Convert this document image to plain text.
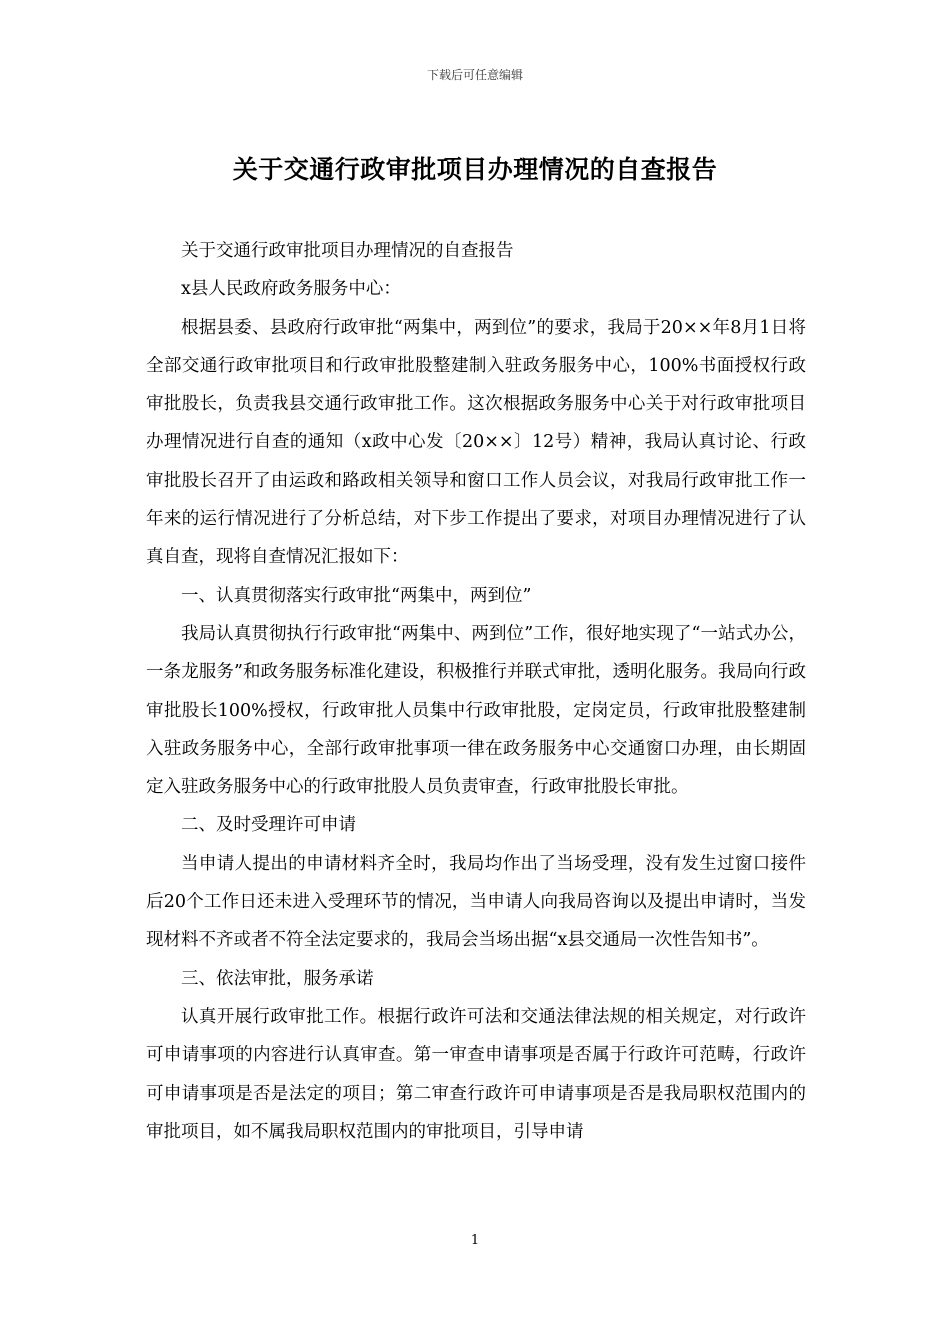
下载后可任意编辑
关于交通行政审批项目办理情况的自查报告

关于交通行政审批项目办理情况的自查报告

x县人民政府政务服务中心：

根据县委、县政府行政审批“两集中，两到位”的要求，我局于20××年8月1日将全部交通行政审批项目和行政审批股整建制入驻政务服务中心，100%书面授权行政审批股长，负责我县交通行政审批工作。这次根据政务服务中心关于对行政审批项目办理情况进行自查的通知（x政中心发〔20××〕12号）精神，我局认真讨论、行政审批股长召开了由运政和路政相关领导和窗口工作人员会议，对我局行政审批工作一年来的运行情况进行了分析总结，对下步工作提出了要求，对项目办理情况进行了认真自查，现将自查情况汇报如下：

一、认真贯彻落实行政审批“两集中，两到位”

我局认真贯彻执行行政审批“两集中、两到位”工作，很好地实现了“一站式办公，一条龙服务”和政务服务标准化建设，积极推行并联式审批，透明化服务。我局向行政审批股长100%授权，行政审批人员集中行政审批股，定岗定员，行政审批股整建制入驻政务服务中心，全部行政审批事项一律在政务服务中心交通窗口办理，由长期固定入驻政务服务中心的行政审批股人员负责审查，行政审批股长审批。

二、及时受理许可申请

当申请人提出的申请材料齐全时，我局均作出了当场受理，没有发生过窗口接件后20个工作日还未进入受理环节的情况，当申请人向我局咨询以及提出申请时，当发现材料不齐或者不符全法定要求的，我局会当场出据“x县交通局一次性告知书”。

三、依法审批，服务承诺

认真开展行政审批工作。根据行政许可法和交通法律法规的相关规定，对行政许可申请事项的内容进行认真审查。第一审查申请事项是否属于行政许可范畴，行政许可申请事项是否是法定的项目；第二审查行政许可申请事项是否是我局职权范围内的审批项目，如不属我局职权范围内的审批项目，引导申请

1
